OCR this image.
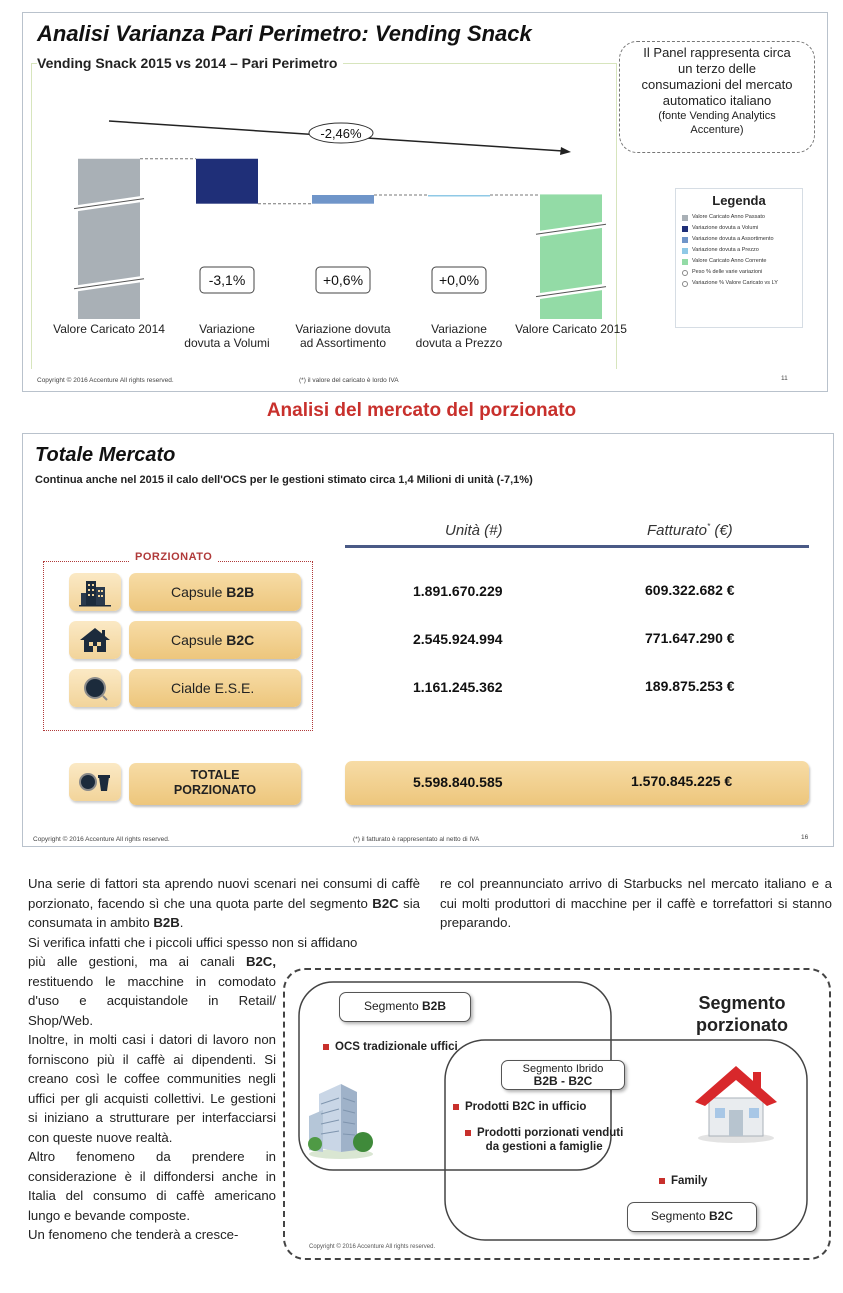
Analisi Varianza Pari Perimetro: Vending Snack
Vending Snack 2015 vs 2014 – Pari Perimetro
-2,46%
-3,1%	+0,6%	+0,0%
Valore Caricato 2014	Variazione dovuta a Volumi
Variazione dovuta ad Assortimento
Variazione dovuta a Prezzo
Valore Caricato 2015
Il Panel rappresenta circa
un terzo delle
consumazioni del mercato
automatico italiano
(fonte Vending Analytics
Accenture)
Legenda
Valore Caricato Anno Passato
Variazione dovuta a Volumi
Variazione dovuta a Assortimento
Variazione dovuta a Prezzo
Valore Caricato Anno Corrente
Peso % delle varie variazioni
Variazione % Valore Caricato vs LY
Copyright © 2016 Accenture All rights reserved.	(*) il valore del caricato è lordo IVA	11
Analisi del mercato del porzionato
Totale Mercato
Continua anche nel 2015 il calo dell'OCS per le gestioni stimato circa 1,4 Milioni di unità (-7,1%)
Unità (#)	Fatturato* (€)
PORZIONATO
Capsule B2B	1.891.670.229	609.322.682 €
Capsule B2C	2.545.924.994	771.647.290 €
Cialde E.S.E.	1.161.245.362	189.875.253 €
TOTALE
PORZIONATO	5.598.840.585	1.570.845.225 €
Copyright © 2016 Accenture All rights reserved.	(*) il fatturato è rappresentato al netto di IVA	16

Una serie di fattori sta aprendo nuovi scenari nei consumi di caffè porzionato, facendo sì che una quota parte del segmento B2C sia consumata in ambito B2B.

Si verifica infatti che i piccoli uffici spesso non si affidano

più alle gestioni, ma ai canali B2C, restituendo le macchine in comodato d'uso e acquistandole in Retail/ Shop/Web.

Inoltre, in molti casi i datori di lavoro non forniscono più il caffè ai dipendenti. Si creano così le coffee communities negli uffici per gli acquisti collettivi. Le gestioni si iniziano a strutturare per interfacciarsi con queste nuove realtà.

Altro fenomeno da prendere in considerazione è il diffondersi anche in Italia del consumo di caffè americano lungo e bevande composte.

Un fenomeno che tenderà a cresce-

re col preannunciato arrivo di Starbucks nel mercato italiano e a cui molti produttori di macchine per il caffè e torrefattori si stanno preparando.

Segmento
porzionato
Segmento B2B
OCS tradizionale uffici
Segmento Ibrido
B2B - B2C
Prodotti B2C in ufficio
Prodotti porzionati venduti
da gestioni a famiglie
Family
Segmento B2C
Copyright © 2016 Accenture All rights reserved.
